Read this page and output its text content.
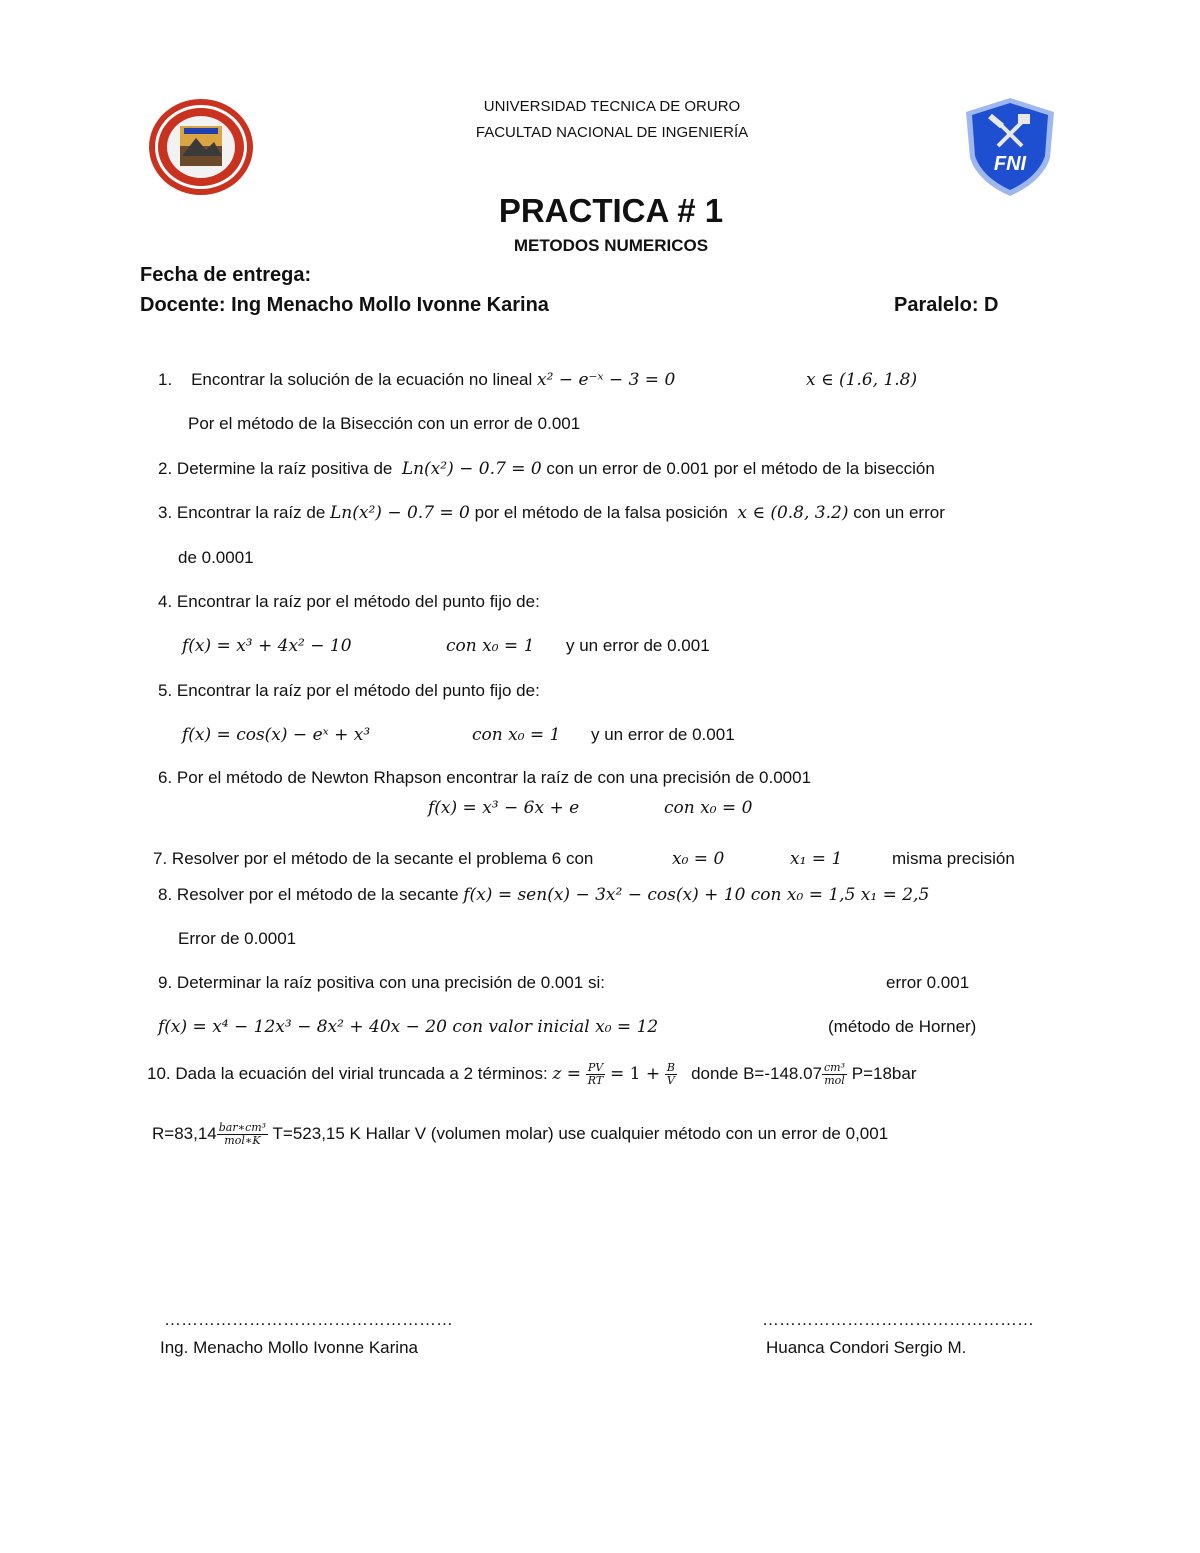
FNI
UNIVERSIDAD TECNICA DE ORURO
FACULTAD NACIONAL DE INGENIERÍA
PRACTICA # 1
METODOS NUMERICOS
Fecha de entrega:
Docente: Ing Menacho Mollo Ivonne Karina	Paralelo: D
1. Encontrar la solución de la ecuación no lineal x² − e⁻ˣ − 3 = 0	x ∈ (1.6, 1.8)
Por el método de la Bisección con un error de 0.001
2. Determine la raíz positiva de Ln(x²) − 0.7 = 0 con un error de 0.001 por el método de la bisección
3. Encontrar la raíz de Ln(x²) − 0.7 = 0 por el método de la falsa posición x ∈ (0.8, 3.2) con un error
de 0.0001
4. Encontrar la raíz por el método del punto fijo de:
f(x) = x³ + 4x² − 10	con x₀ = 1 y un error de 0.001
5. Encontrar la raíz por el método del punto fijo de:
f(x) = cos(x) − eˣ + x³	con x₀ = 1 y un error de 0.001
6. Por el método de Newton Rhapson encontrar la raíz de con una precisión de 0.0001
f(x) = x³ − 6x + e	con x₀ = 0
7. Resolver por el método de la secante el problema 6 con	x₀ = 0	x₁ = 1	misma precisión
8. Resolver por el método de la secante f(x) = sen(x) − 3x² − cos(x) + 10 con x₀ = 1,5 x₁ = 2,5
Error de 0.0001
9. Determinar la raíz positiva con una precisión de 0.001 si:	error 0.001
f(x) = x⁴ − 12x³ − 8x² + 40x − 20 con valor inicial x₀ = 12	(método de Horner)
10. Dada la ecuación del virial truncada a 2 términos: $z = \frac{PV}{RT} = 1 + \frac{B}{V}$ donde $B=-148.07 \frac{\text{cm³}}{\text{mol}} P=18bar$
$R=83,14 \frac{\text{bar∗cm³}}{\text{mol∗K}} T=523,15$ K Hallar V (volumen molar) use cualquier método con un error de 0,001
……………………………………………	…………………………………………
Ing. Menacho Mollo Ivonne Karina	Huanca Condori Sergio M.
